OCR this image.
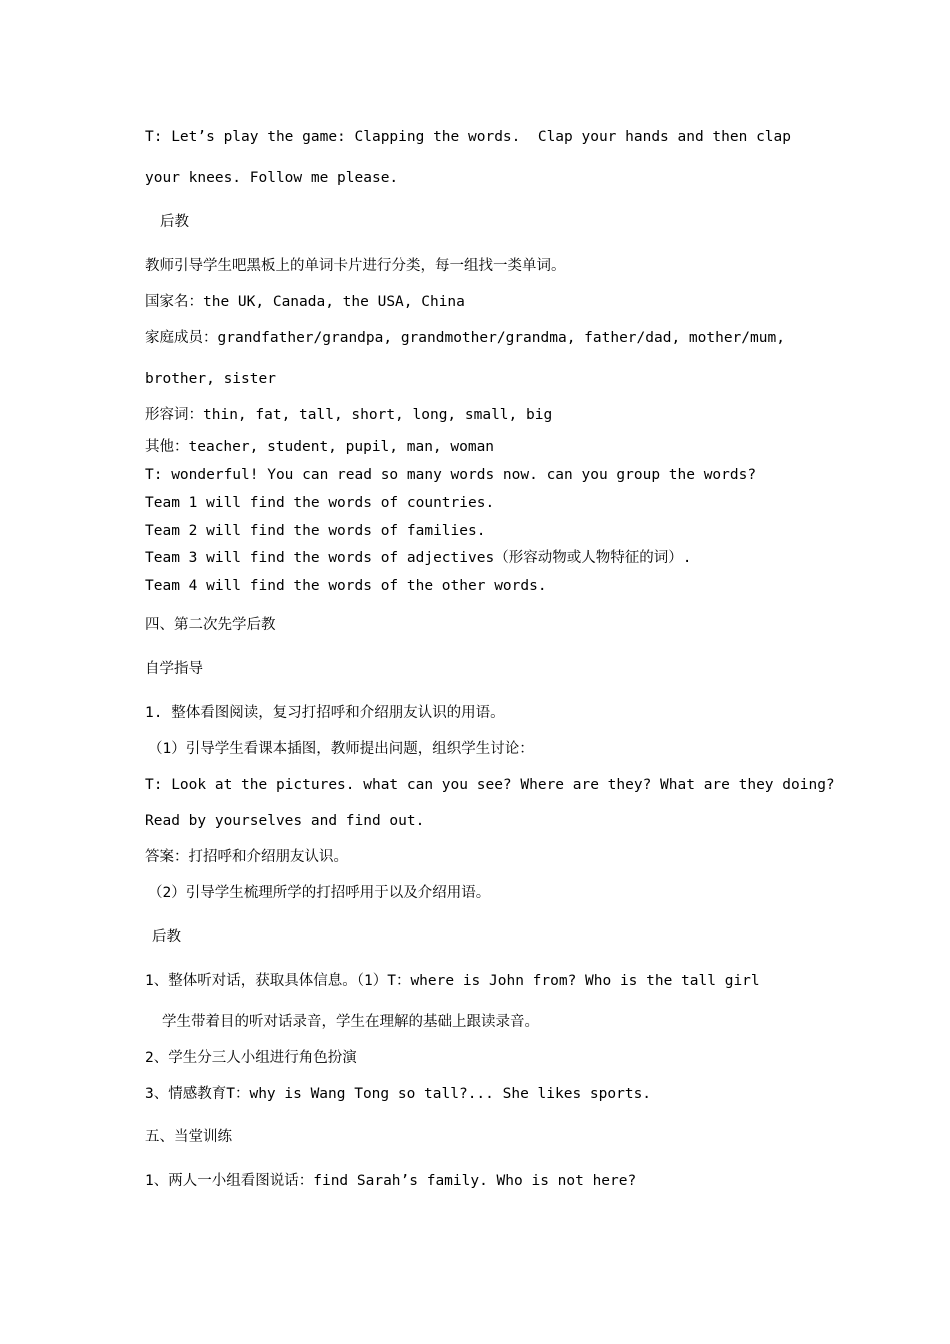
T: Let’s play the game: Clapping the words.  Clap your hands and then clap
your knees. Follow me please.
后教
教师引导学生吧黑板上的单词卡片进行分类，每一组找一类单词。
国家名：the UK, Canada, the USA, China
家庭成员：grandfather/grandpa, grandmother/grandma, father/dad, mother/mum,
brother, sister
形容词：thin, fat, tall, short, long, small, big
其他：teacher, student, pupil, man, woman
T: wonderful! You can read so many words now. can you group the words?
Team 1 will find the words of countries.
Team 2 will find the words of families.
Team 3 will find the words of adjectives（形容动物或人物特征的词）.
Team 4 will find the words of the other words.
四、第二次先学后教
自学指导
1. 整体看图阅读，复习打招呼和介绍朋友认识的用语。
（1）引导学生看课本插图，教师提出问题，组织学生讨论：
T: Look at the pictures. what can you see? Where are they? What are they doing?
Read by yourselves and find out.
答案：打招呼和介绍朋友认识。
（2）引导学生梳理所学的打招呼用于以及介绍用语。
后教
1、整体听对话，获取具体信息。（1）T：where is John from? Who is the tall girl
学生带着目的听对话录音，学生在理解的基础上跟读录音。
2、学生分三人小组进行角色扮演
3、情感教育T：why is Wang Tong so tall?... She likes sports.
五、当堂训练
1、两人一小组看图说话：find Sarah’s family. Who is not here?
